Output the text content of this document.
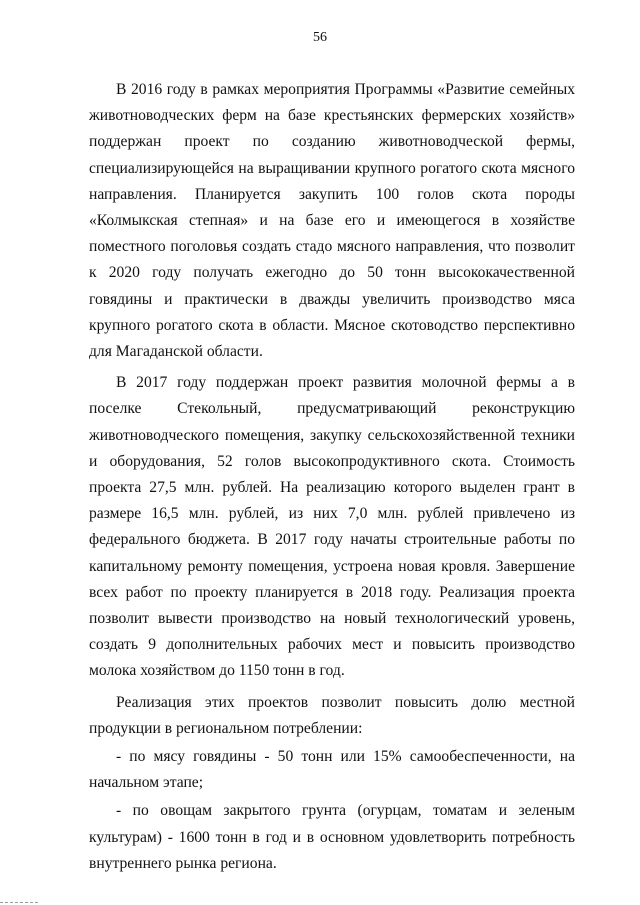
56

В 2016 году в рамках мероприятия Программы «Развитие семейных животноводческих ферм на базе крестьянских фермерских хозяйств» поддержан проект по созданию животноводческой фермы, специализирующейся на выращивании крупного рогатого скота мясного направления. Планируется закупить 100 голов скота породы «Колмыкская степная» и на базе его и имеющегося в хозяйстве поместного поголовья создать стадо мясного направления, что позволит к 2020 году получать ежегодно до 50 тонн высококачественной говядины и практически в дважды увеличить производство мяса крупного рогатого скота в области. Мясное скотоводство перспективно для Магаданской области.

В 2017 году поддержан проект развития молочной фермы а в поселке Стекольный, предусматривающий реконструкцию животноводческого помещения, закупку сельскохозяйственной техники и оборудования, 52 голов высокопродуктивного скота. Стоимость проекта 27,5 млн. рублей. На реализацию которого выделен грант в размере 16,5 млн. рублей, из них 7,0 млн. рублей привлечено из федерального бюджета. В 2017 году начаты строительные работы по капитальному ремонту помещения, устроена новая кровля. Завершение всех работ по проекту планируется в 2018 году. Реализация проекта позволит вывести производство на новый технологический уровень, создать 9 дополнительных рабочих мест и повысить производство молока хозяйством до 1150 тонн в год.

Реализация этих проектов позволит повысить долю местной продукции в региональном потреблении:

- по мясу говядины - 50 тонн или 15% самообеспеченности, на начальном этапе;

- по овощам закрытого грунта (огурцам, томатам и зеленым культурам) - 1600 тонн в год и в основном удовлетворить потребность внутреннего рынка региона.
